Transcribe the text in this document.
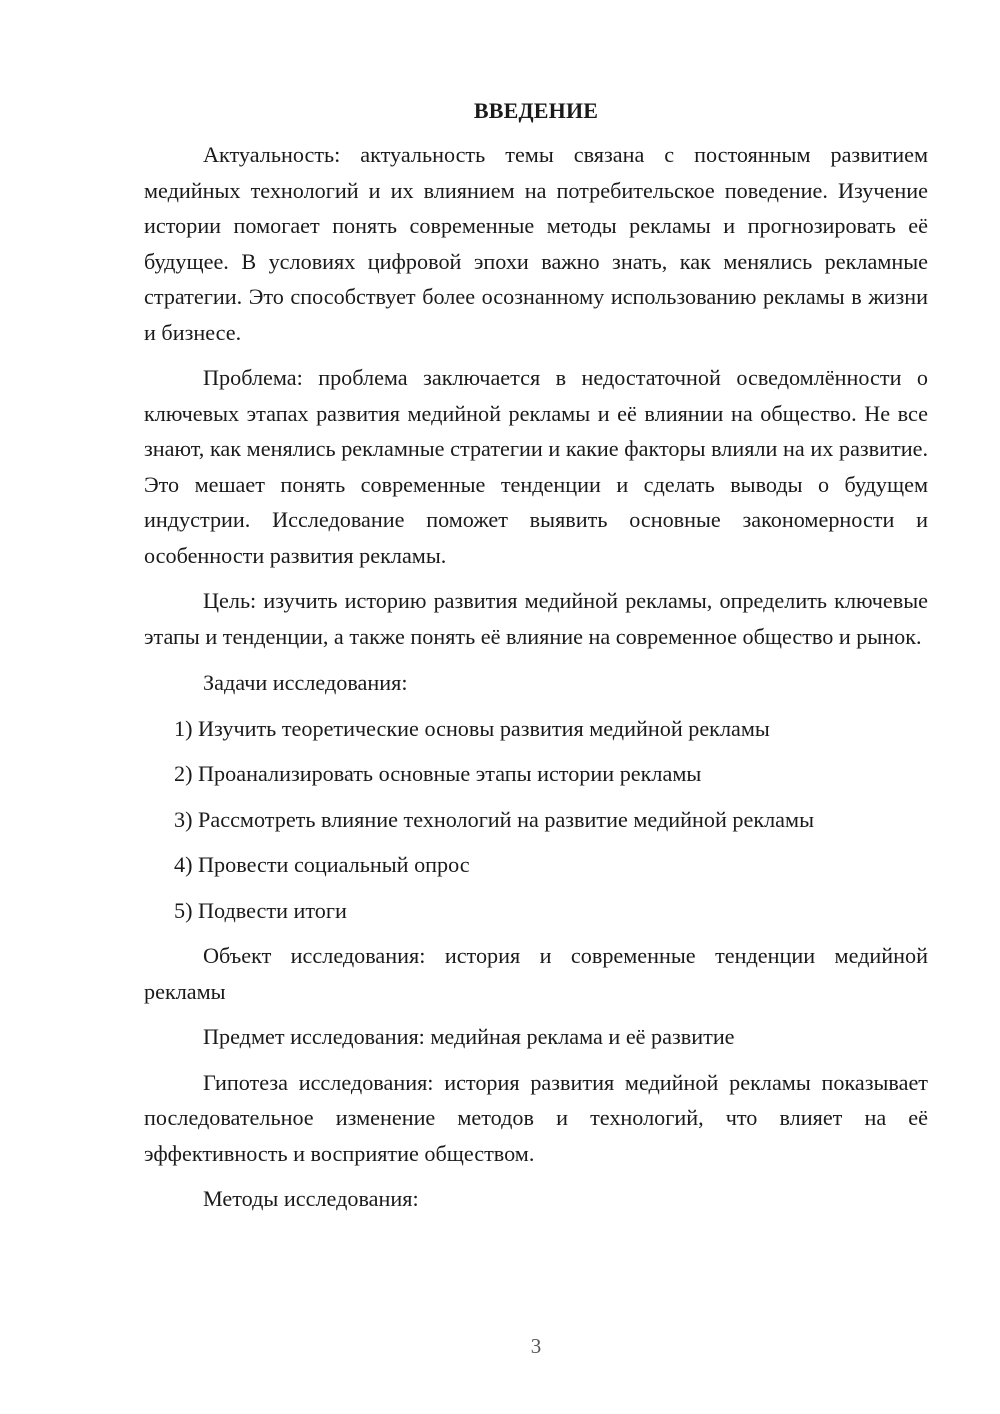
ВВЕДЕНИЕ

Актуальность: актуальность темы связана с постоянным развитием медийных технологий и их влиянием на потребительское поведение. Изучение истории помогает понять современные методы рекламы и прогнозировать её будущее. В условиях цифровой эпохи важно знать, как менялись рекламные стратегии. Это способствует более осознанному использованию рекламы в жизни и бизнесе.

Проблема: проблема заключается в недостаточной осведомлённости о ключевых этапах развития медийной рекламы и её влиянии на общество. Не все знают, как менялись рекламные стратегии и какие факторы влияли на их развитие. Это мешает понять современные тенденции и сделать выводы о будущем индустрии. Исследование поможет выявить основные закономерности и особенности развития рекламы.

Цель: изучить историю развития медийной рекламы, определить ключевые этапы и тенденции, а также понять её влияние на современное общество и рынок.

Задачи исследования:

1) Изучить теоретические основы развития медийной рекламы
2) Проанализировать основные этапы истории рекламы
3) Рассмотреть влияние технологий на развитие медийной рекламы
4) Провести социальный опрос
5) Подвести итоги

Объект исследования: история и современные тенденции медийной рекламы

Предмет исследования: медийная реклама и её развитие

Гипотеза исследования: история развития медийной рекламы показывает последовательное изменение методов и технологий, что влияет на её эффективность и восприятие обществом.

Методы исследования:

3
